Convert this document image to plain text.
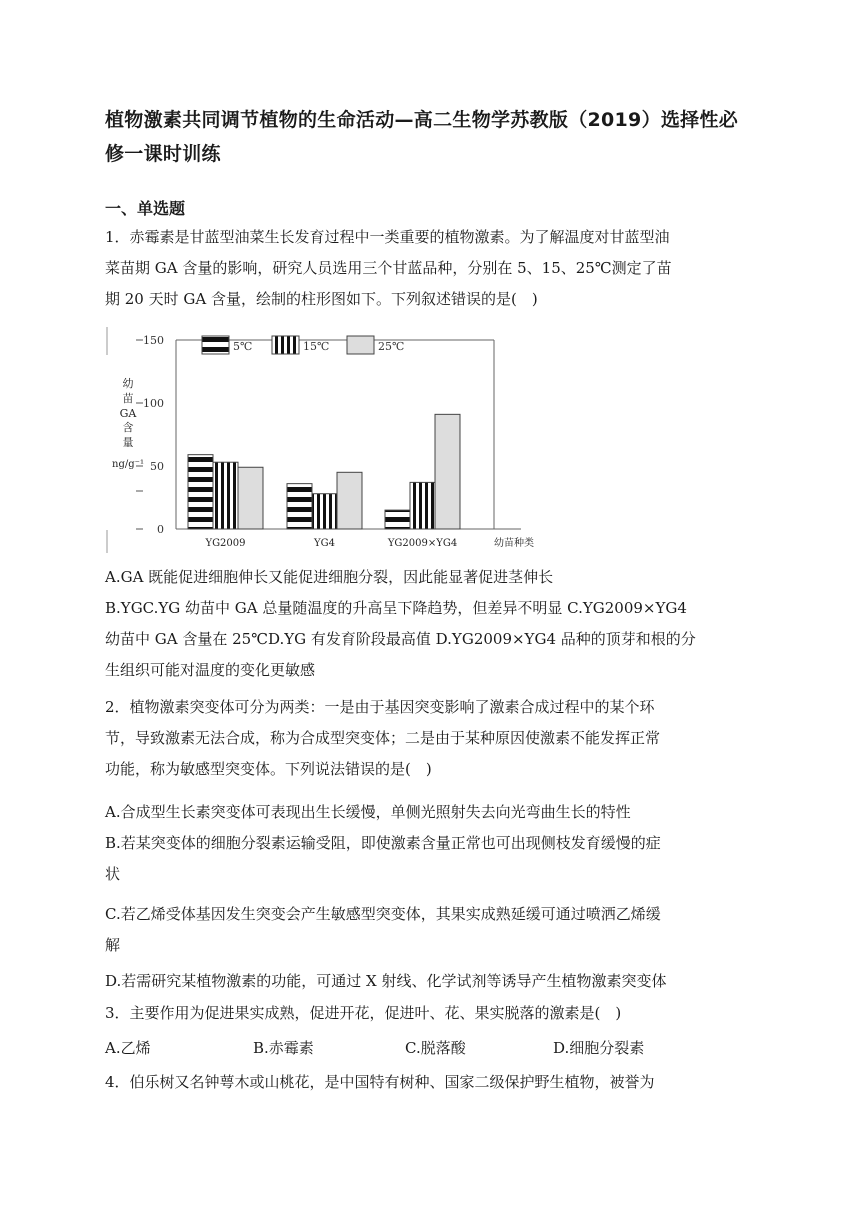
植物激素共同调节植物的生命活动—高二生物学苏教版（2019）选择性必
修一课时训练
一、单选题
1．赤霉素是甘蓝型油菜生长发育过程中一类重要的植物激素。为了解温度对甘蓝型油
菜苗期 GA 含量的影响，研究人员选用三个甘蓝品种，分别在 5、15、25℃测定了苗
期 20 天时 GA 含量，绘制的柱形图如下。下列叙述错误的是(　)
0
50
100
150
幼
苗
GA
含
量
ng/g⁻¹
YG2009	YG4	YG2009×YG4	幼苗种类
5℃	15℃	25℃
A.GA 既能促进细胞伸长又能促进细胞分裂，因此能显著促进茎伸长
B.YGC.YG 幼苗中 GA 总量随温度的升高呈下降趋势，但差异不明显 C.YG2009×YG4
幼苗中 GA 含量在 25℃D.YG 有发育阶段最高值 D.YG2009×YG4 品种的顶芽和根的分
生组织可能对温度的变化更敏感
2．植物激素突变体可分为两类：一是由于基因突变影响了激素合成过程中的某个环
节，导致激素无法合成，称为合成型突变体；二是由于某种原因使激素不能发挥正常
功能，称为敏感型突变体。下列说法错误的是(　)
A.合成型生长素突变体可表现出生长缓慢，单侧光照射失去向光弯曲生长的特性
B.若某突变体的细胞分裂素运输受阻，即使激素含量正常也可出现侧枝发育缓慢的症
状
C.若乙烯受体基因发生突变会产生敏感型突变体，其果实成熟延缓可通过喷洒乙烯缓
解
D.若需研究某植物激素的功能，可通过 X 射线、化学试剂等诱导产生植物激素突变体
3．主要作用为促进果实成熟，促进开花，促进叶、花、果实脱落的激素是(　)
A.乙烯	B.赤霉素	C.脱落酸	D.细胞分裂素
4．伯乐树又名钟萼木或山桃花，是中国特有树种、国家二级保护野生植物，被誉为
